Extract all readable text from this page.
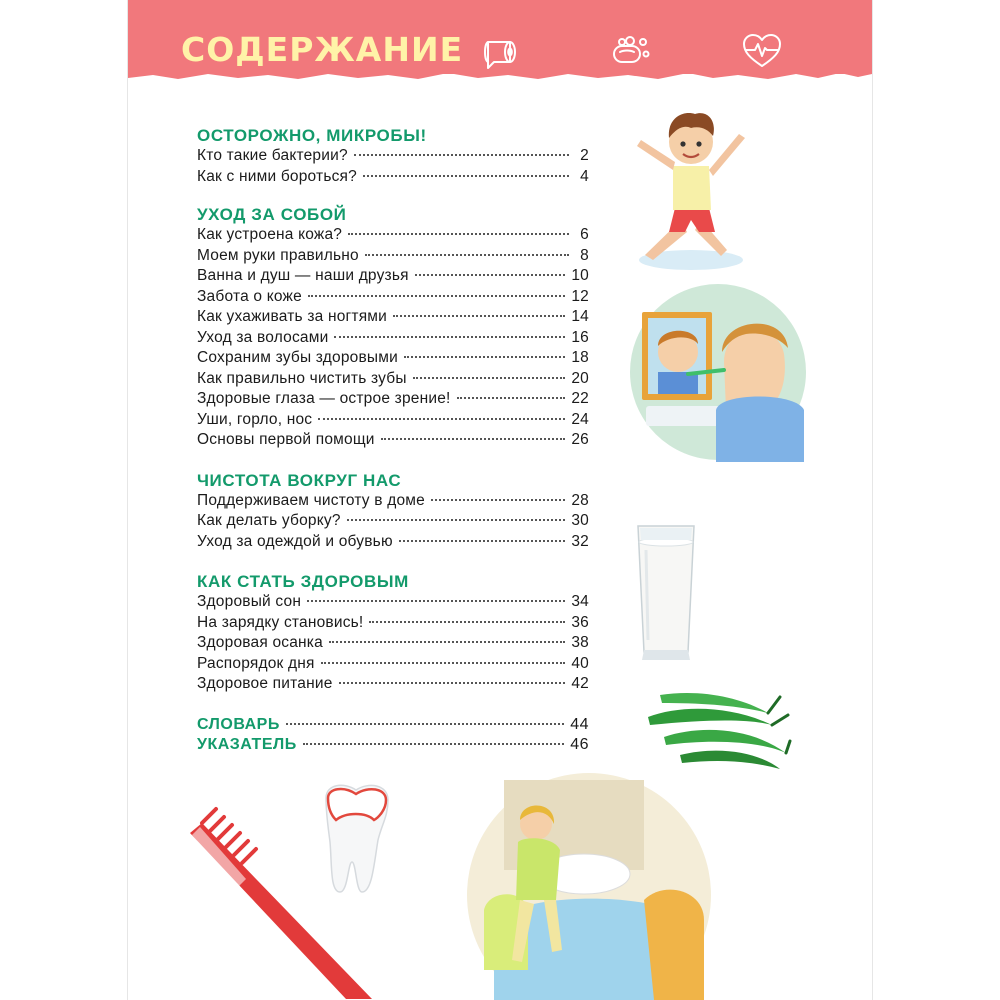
СОДЕРЖАНИЕ
ОСТОРОЖНО, МИКРОБЫ!
Кто такие бактерии?	2
Как с ними бороться?	4
УХОД ЗА СОБОЙ
Как устроена кожа?	6
Моем руки правильно	8
Ванна и душ — наши друзья	10
Забота о коже	12
Как ухаживать за ногтями	14
Уход за волосами	16
Сохраним зубы здоровыми	18
Как правильно чистить зубы	20
Здоровые глаза — острое зрение!	22
Уши, горло, нос	24
Основы первой помощи	26
ЧИСТОТА ВОКРУГ НАС
Поддерживаем чистоту в доме	28
Как делать уборку?	30
Уход за одеждой и обувью	32
КАК СТАТЬ ЗДОРОВЫМ
Здоровый сон	34
На зарядку становись!	36
Здоровая осанка	38
Распорядок дня	40
Здоровое питание	42
СЛОВАРЬ	44
УКАЗАТЕЛЬ	46
